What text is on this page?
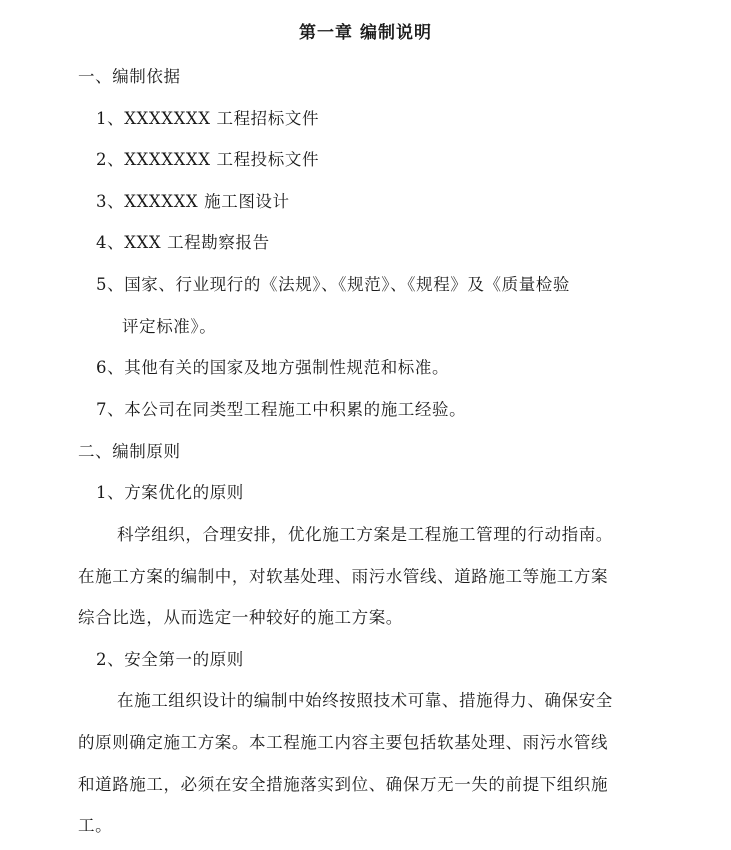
第一章 编制说明
一、编制依据
1、XXXXXXX 工程招标文件
2、XXXXXXX 工程投标文件
3、XXXXXX 施工图设计
4、XXX 工程勘察报告
5、国家、行业现行的《法规》、《规范》、《规程》及《质量检验
评定标准》。
6、其他有关的国家及地方强制性规范和标准。
7、本公司在同类型工程施工中积累的施工经验。
二、编制原则
1、方案优化的原则
科学组织，合理安排，优化施工方案是工程施工管理的行动指南。
在施工方案的编制中，对软基处理、雨污水管线、道路施工等施工方案
综合比选，从而选定一种较好的施工方案。
2、安全第一的原则
在施工组织设计的编制中始终按照技术可靠、措施得力、确保安全
的原则确定施工方案。本工程施工内容主要包括软基处理、雨污水管线
和道路施工，必须在安全措施落实到位、确保万无一失的前提下组织施
工。
